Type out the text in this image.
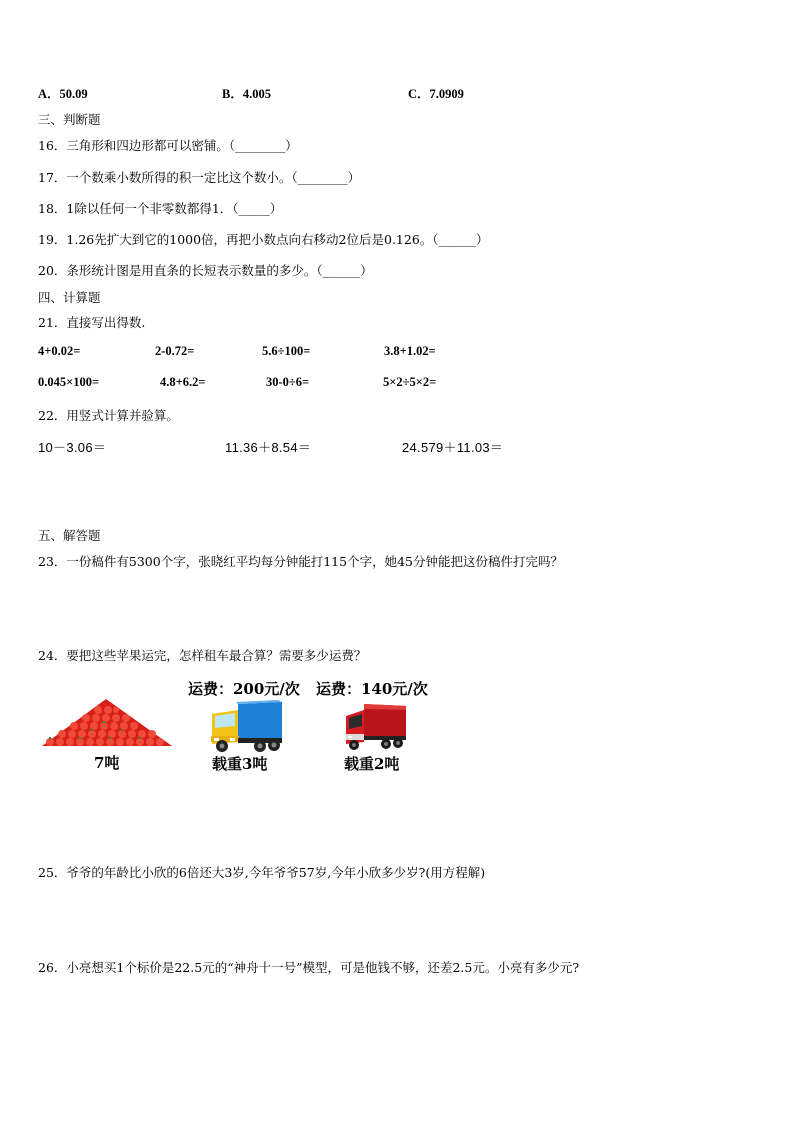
A．50.09	B．4.005	C．7.0909
三、判断题
16．三角形和四边形都可以密铺。（________）
17．一个数乘小数所得的积一定比这个数小。（________）
18．1除以任何一个非零数都得1．（_____）
19．1.26先扩大到它的1000倍，再把小数点向右移动2位后是0.126。（______）
20．条形统计图是用直条的长短表示数量的多少。（______）
四、计算题
21．直接写出得数.
4+0.02=	2-0.72=	5.6÷100=	3.8+1.02=
0.045×100=	4.8+6.2=	30-0÷6=	5×2÷5×2=
22．用竖式计算并验算。
10－3.06＝	11.36＋8.54＝	24.579＋11.03＝
五、解答题
23．一份稿件有5300个字，张晓红平均每分钟能打115个字，她45分钟能把这份稿件打完吗？
24．要把这些苹果运完，怎样租车最合算？需要多少运费？
运费：200元/次 运费：140元/次
7吨	载重3吨	载重2吨
25．爷爷的年龄比小欣的6倍还大3岁,今年爷爷57岁,今年小欣多少岁?(用方程解)
26．小亮想买1个标价是22.5元的“神舟十一号”模型，可是他钱不够，还差2.5元。小亮有多少元?
